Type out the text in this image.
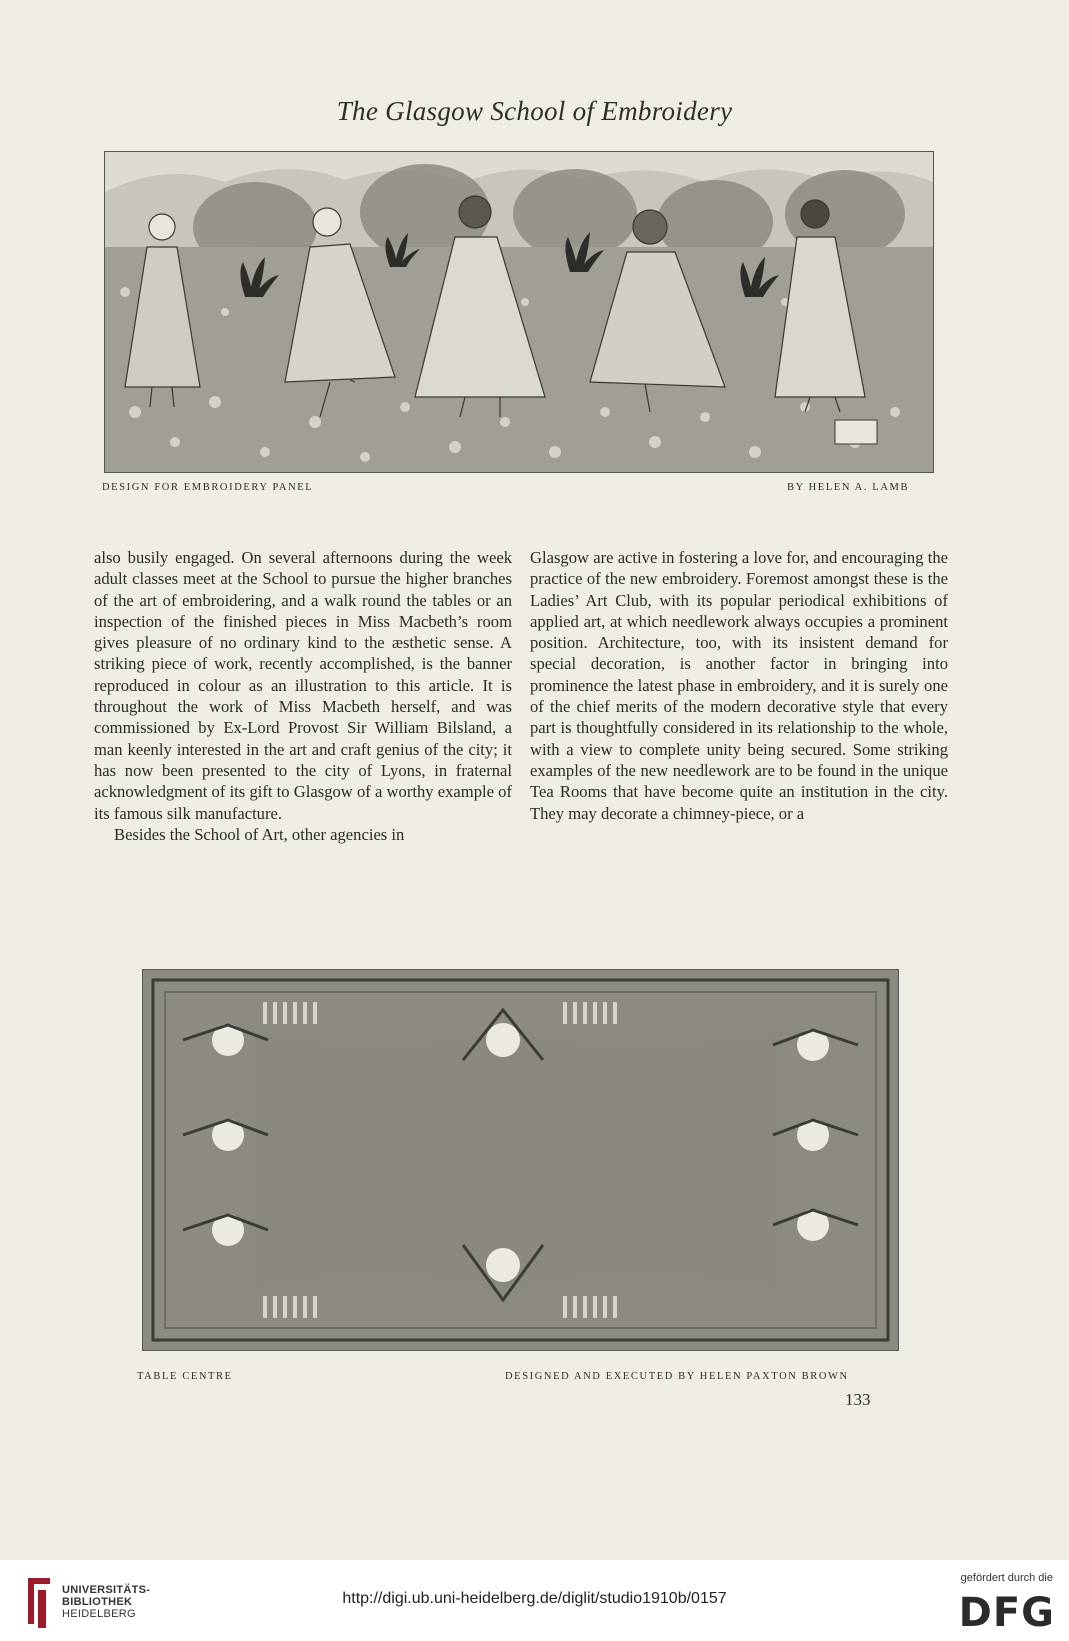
The Glasgow School of Embroidery
DESIGN FOR EMBROIDERY PANEL	BY HELEN A. LAMB

also busily engaged. On several afternoons during the week adult classes meet at the School to pursue the higher branches of the art of embroidering, and a walk round the tables or an inspection of the finished pieces in Miss Macbeth’s room gives pleasure of no ordinary kind to the æsthetic sense. A striking piece of work, recently accomplished, is the banner reproduced in colour as an illustration to this article. It is throughout the work of Miss Macbeth herself, and was commissioned by Ex-Lord Provost Sir William Bilsland, a man keenly interested in the art and craft genius of the city; it has now been presented to the city of Lyons, in fraternal acknowledgment of its gift to Glasgow of a worthy example of its famous silk manufacture.

Besides the School of Art, other agencies in

Glasgow are active in fostering a love for, and encouraging the practice of the new embroidery. Foremost amongst these is the Ladies’ Art Club, with its popular periodical exhibitions of applied art, at which needlework always occupies a prominent position. Architecture, too, with its insistent demand for special decoration, is another factor in bringing into prominence the latest phase in embroidery, and it is surely one of the chief merits of the modern decorative style that every part is thoughtfully considered in its relationship to the whole, with a view to complete unity being secured. Some striking examples of the new needlework are to be found in the unique Tea Rooms that have become quite an institution in the city. They may decorate a chimney-piece, or a

TABLE CENTRE	DESIGNED AND EXECUTED BY HELEN PAXTON BROWN
133
UNIVERSITÄTS-
BIBLIOTHEK
HEIDELBERG
http://digi.ub.uni-heidelberg.de/diglit/studio1910b/0157
gefördert durch die
DFG
